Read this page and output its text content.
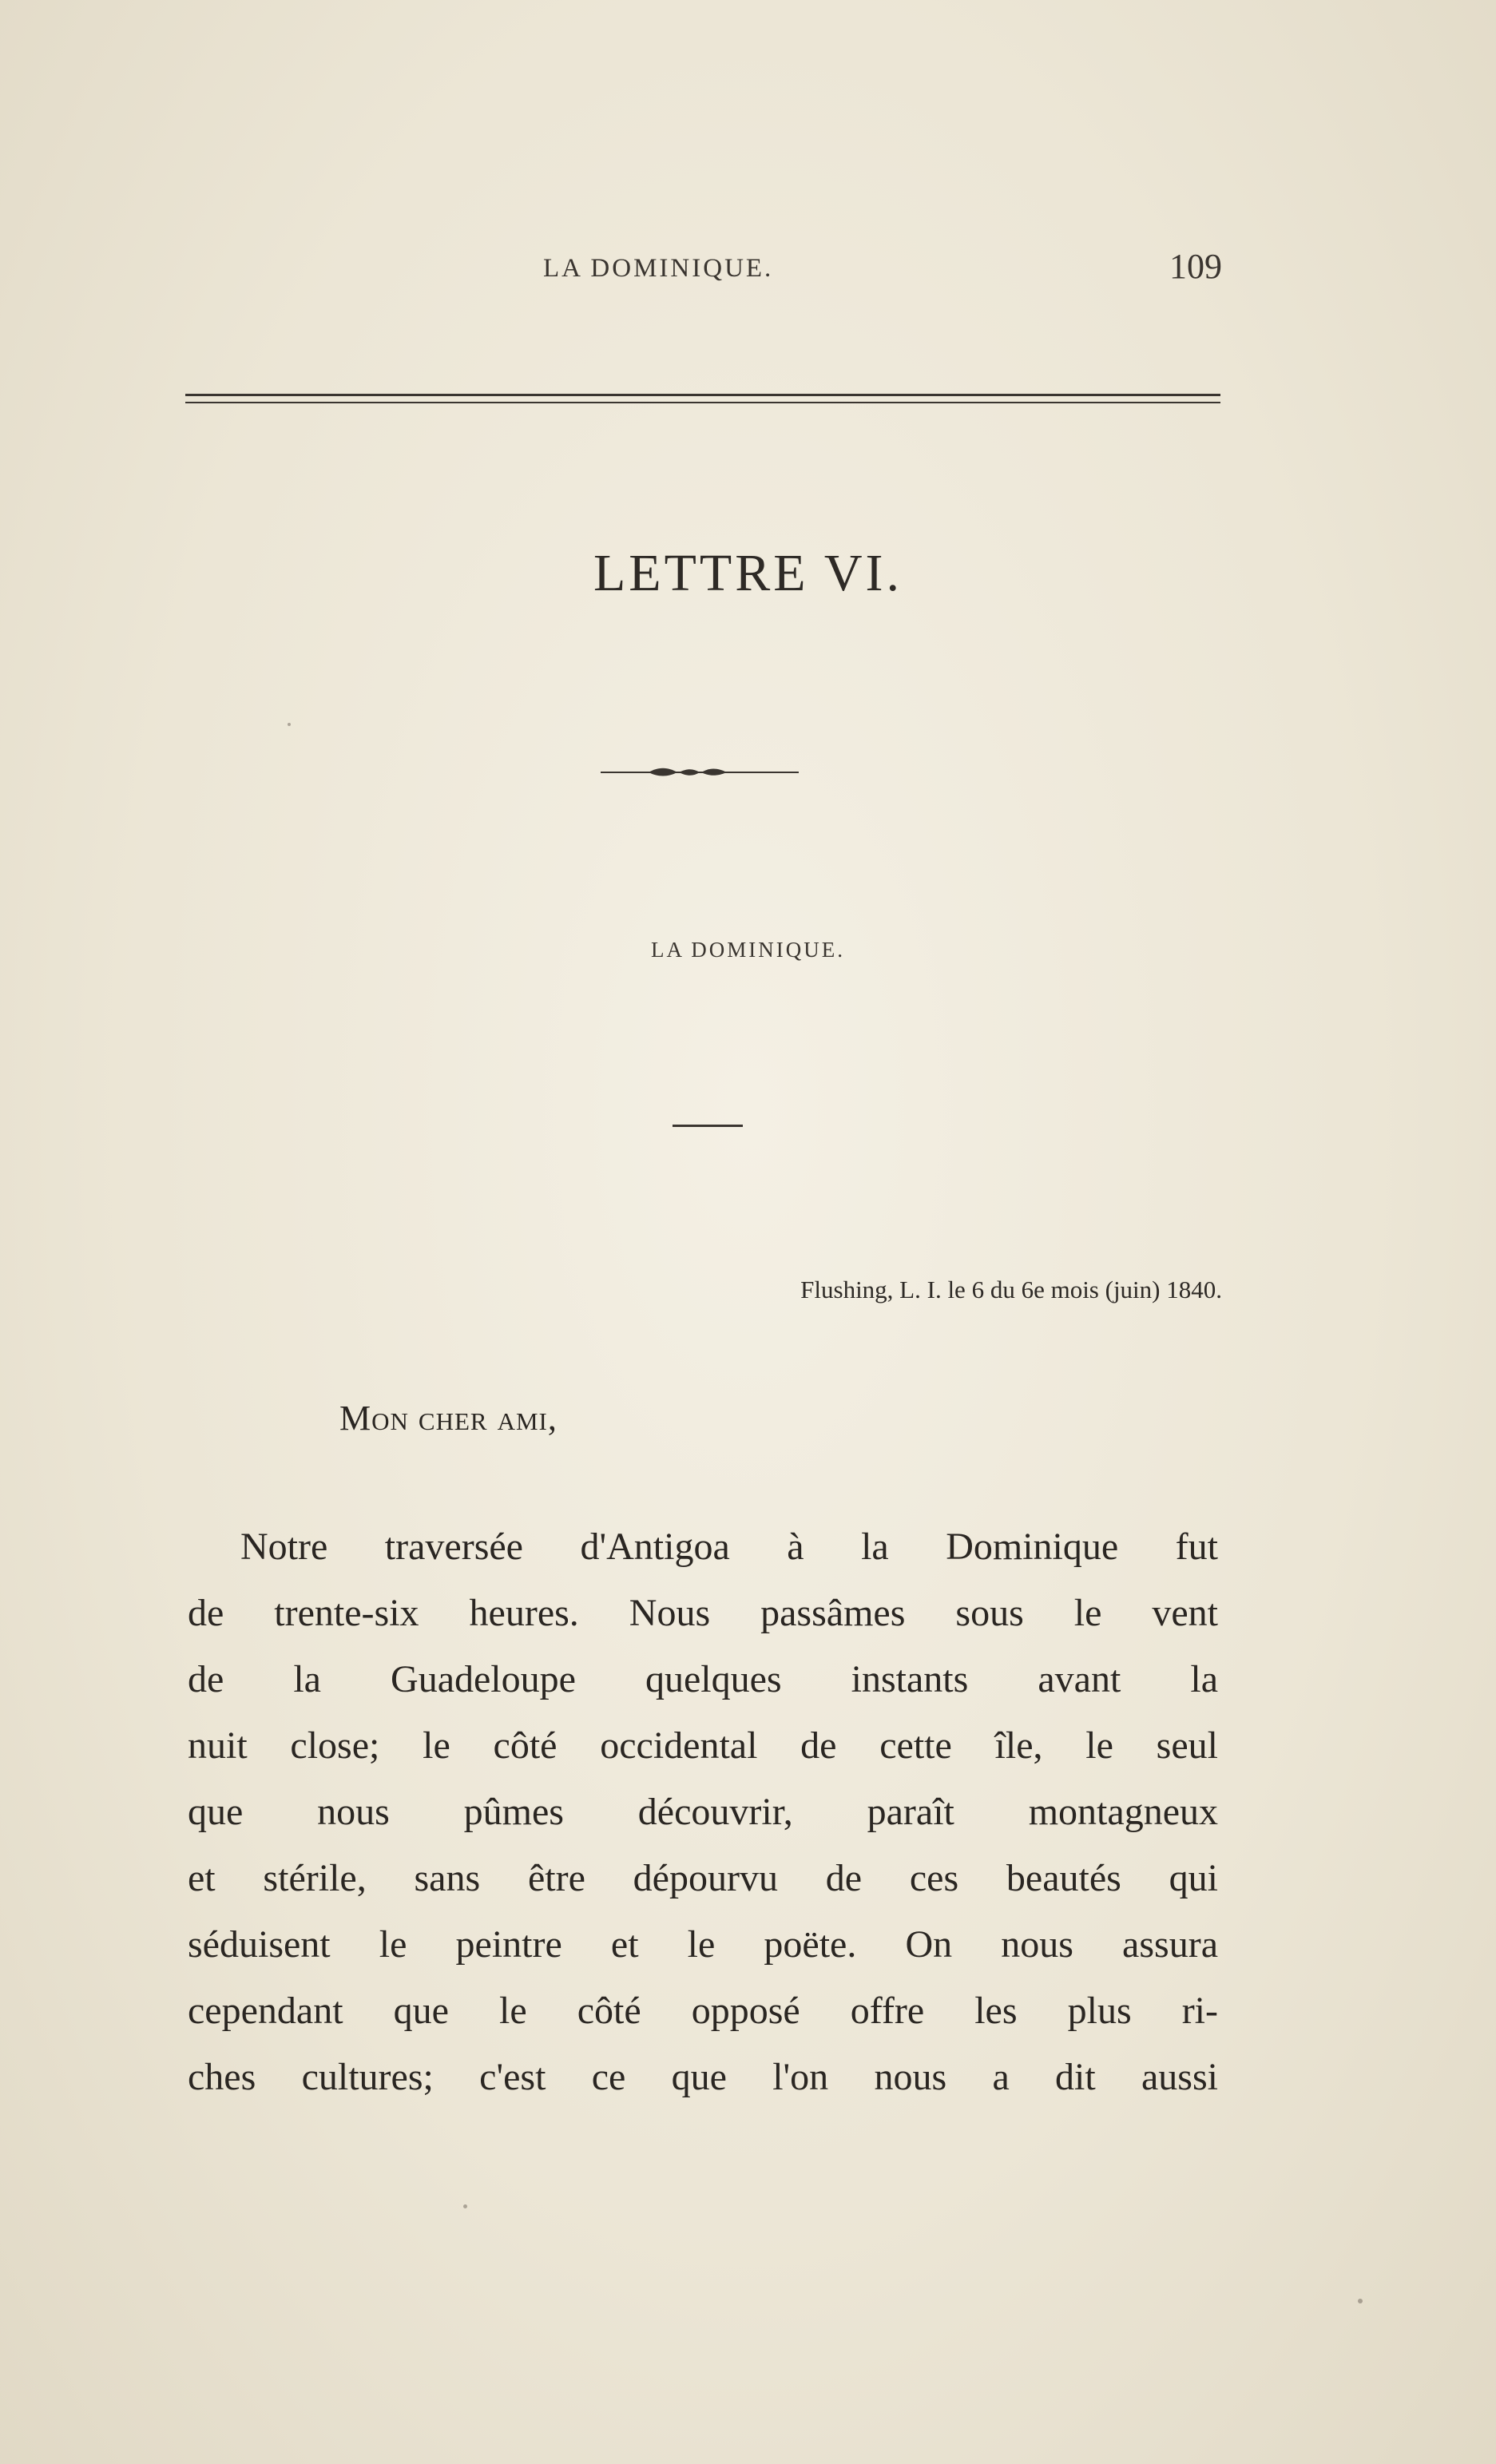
LA DOMINIQUE.	109
LETTRE VI.
LA DOMINIQUE.
Flushing, L. I. le 6 du 6e mois (juin) 1840.
Mon cher ami,
Notre traversée d'Antigoa à la Dominique fut
de trente-six heures. Nous passâmes sous le vent
de la Guadeloupe quelques instants avant la
nuit close; le côté occidental de cette île, le seul
que nous pûmes découvrir, paraît montagneux
et stérile, sans être dépourvu de ces beautés qui
séduisent le peintre et le poëte. On nous assura
cependant que le côté opposé offre les plus ri-
ches cultures; c'est ce que l'on nous a dit aussi
